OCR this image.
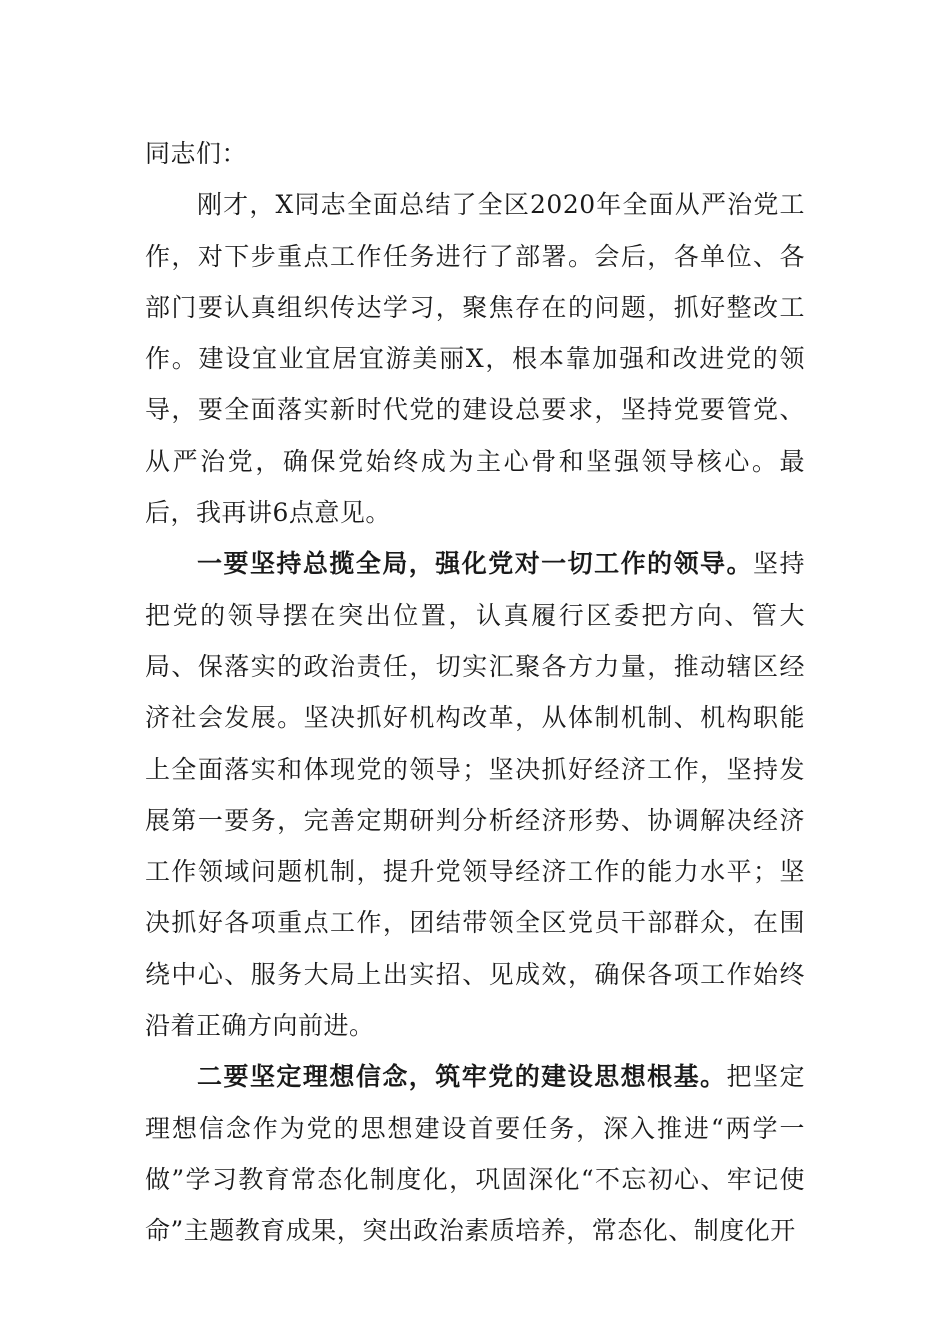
同志们：

刚才，X同志全面总结了全区2020年全面从严治党工作，对下步重点工作任务进行了部署。会后，各单位、各部门要认真组织传达学习，聚焦存在的问题，抓好整改工作。建设宜业宜居宜游美丽X，根本靠加强和改进党的领导，要全面落实新时代党的建设总要求，坚持党要管党、从严治党，确保党始终成为主心骨和坚强领导核心。最后，我再讲6点意见。

一要坚持总揽全局，强化党对一切工作的领导。坚持把党的领导摆在突出位置，认真履行区委把方向、管大局、保落实的政治责任，切实汇聚各方力量，推动辖区经济社会发展。坚决抓好机构改革，从体制机制、机构职能上全面落实和体现党的领导；坚决抓好经济工作，坚持发展第一要务，完善定期研判分析经济形势、协调解决经济工作领域问题机制，提升党领导经济工作的能力水平；坚决抓好各项重点工作，团结带领全区党员干部群众，在围绕中心、服务大局上出实招、见成效，确保各项工作始终沿着正确方向前进。

二要坚定理想信念，筑牢党的建设思想根基。把坚定理想信念作为党的思想建设首要任务，深入推进“两学一做”学习教育常态化制度化，巩固深化“不忘初心、牢记使命”主题教育成果，突出政治素质培养，常态化、制度化开
